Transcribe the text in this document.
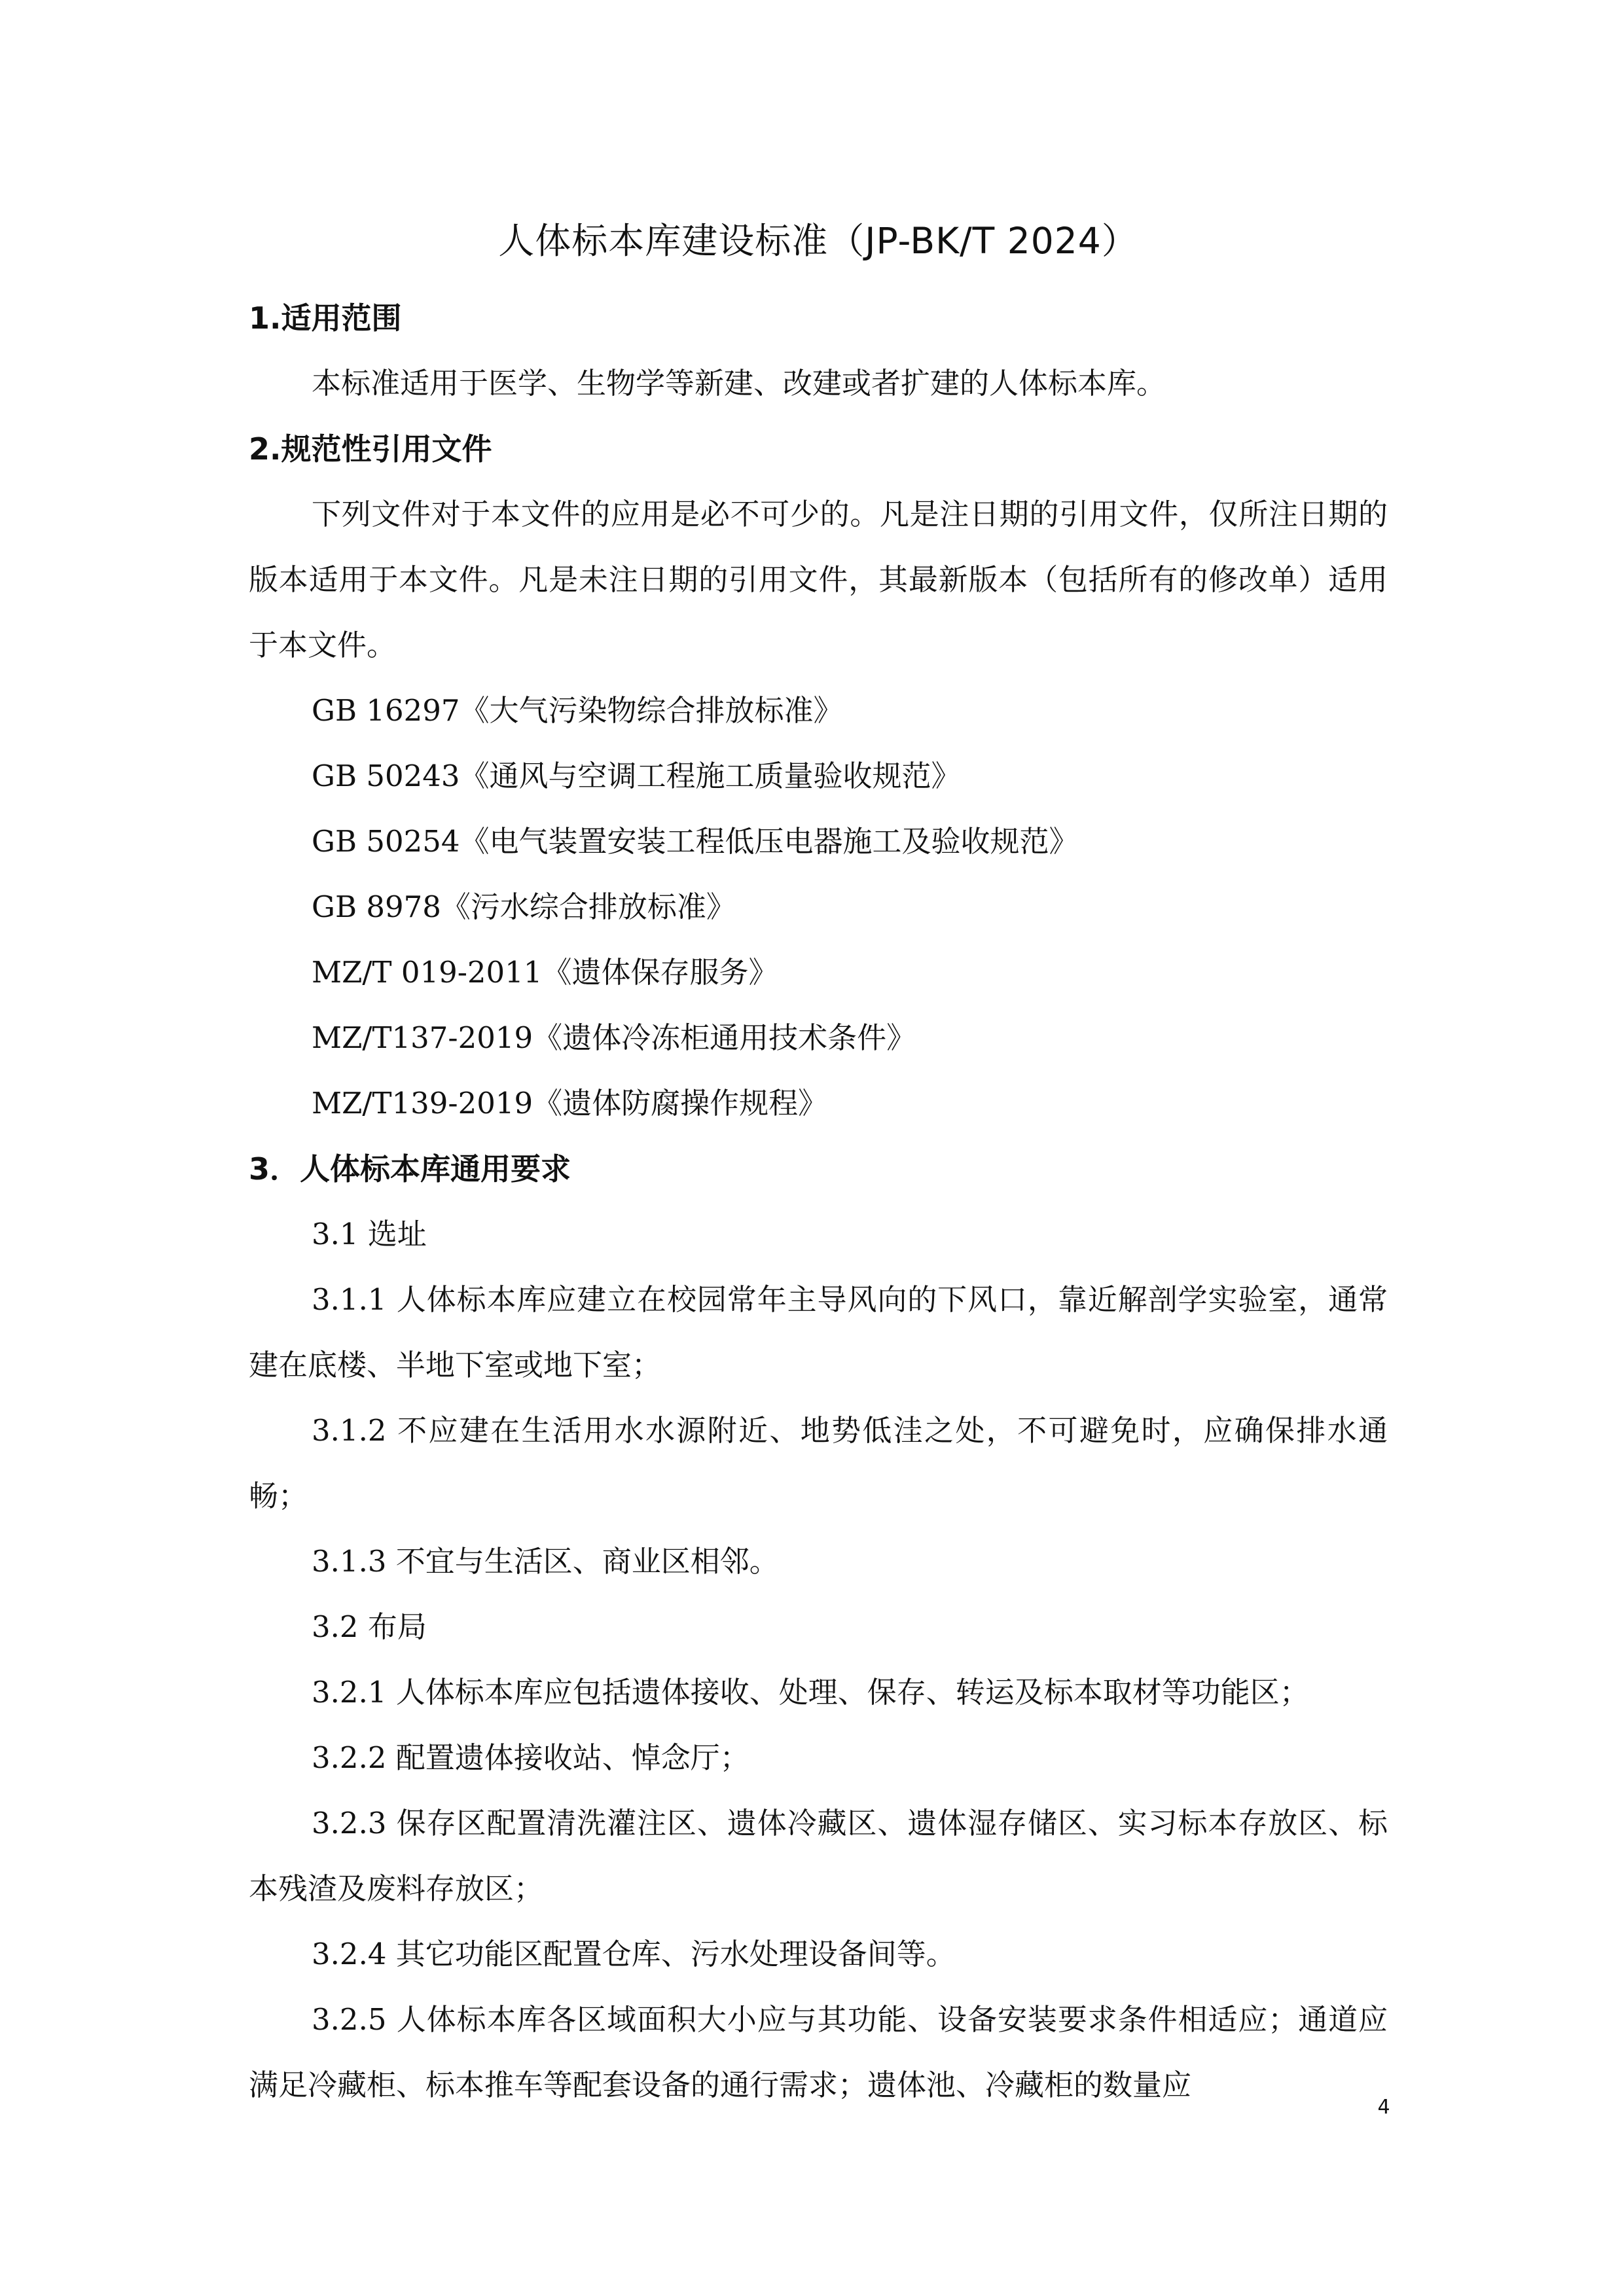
人体标本库建设标准（JP-BK/T 2024）
1.适用范围
本标准适用于医学、生物学等新建、改建或者扩建的人体标本库。
2.规范性引用文件
下列文件对于本文件的应用是必不可少的。凡是注日期的引用文件，仅所注日期的版本适用于本文件。凡是未注日期的引用文件，其最新版本（包括所有的修改单）适用于本文件。
GB 16297《大气污染物综合排放标准》
GB 50243《通风与空调工程施工质量验收规范》
GB 50254《电气装置安装工程低压电器施工及验收规范》
GB 8978《污水综合排放标准》
MZ/T 019-2011《遗体保存服务》
MZ/T137-2019《遗体冷冻柜通用技术条件》
MZ/T139-2019《遗体防腐操作规程》
3．人体标本库通用要求
3.1 选址
3.1.1 人体标本库应建立在校园常年主导风向的下风口，靠近解剖学实验室，通常建在底楼、半地下室或地下室；
3.1.2 不应建在生活用水水源附近、地势低洼之处，不可避免时，应确保排水通畅；
3.1.3 不宜与生活区、商业区相邻。
3.2 布局
3.2.1 人体标本库应包括遗体接收、处理、保存、转运及标本取材等功能区；
3.2.2 配置遗体接收站、悼念厅；
3.2.3 保存区配置清洗灌注区、遗体冷藏区、遗体湿存储区、实习标本存放区、标本残渣及废料存放区；
3.2.4 其它功能区配置仓库、污水处理设备间等。
3.2.5 人体标本库各区域面积大小应与其功能、设备安装要求条件相适应；通道应满足冷藏柜、标本推车等配套设备的通行需求；遗体池、冷藏柜的数量应
4
